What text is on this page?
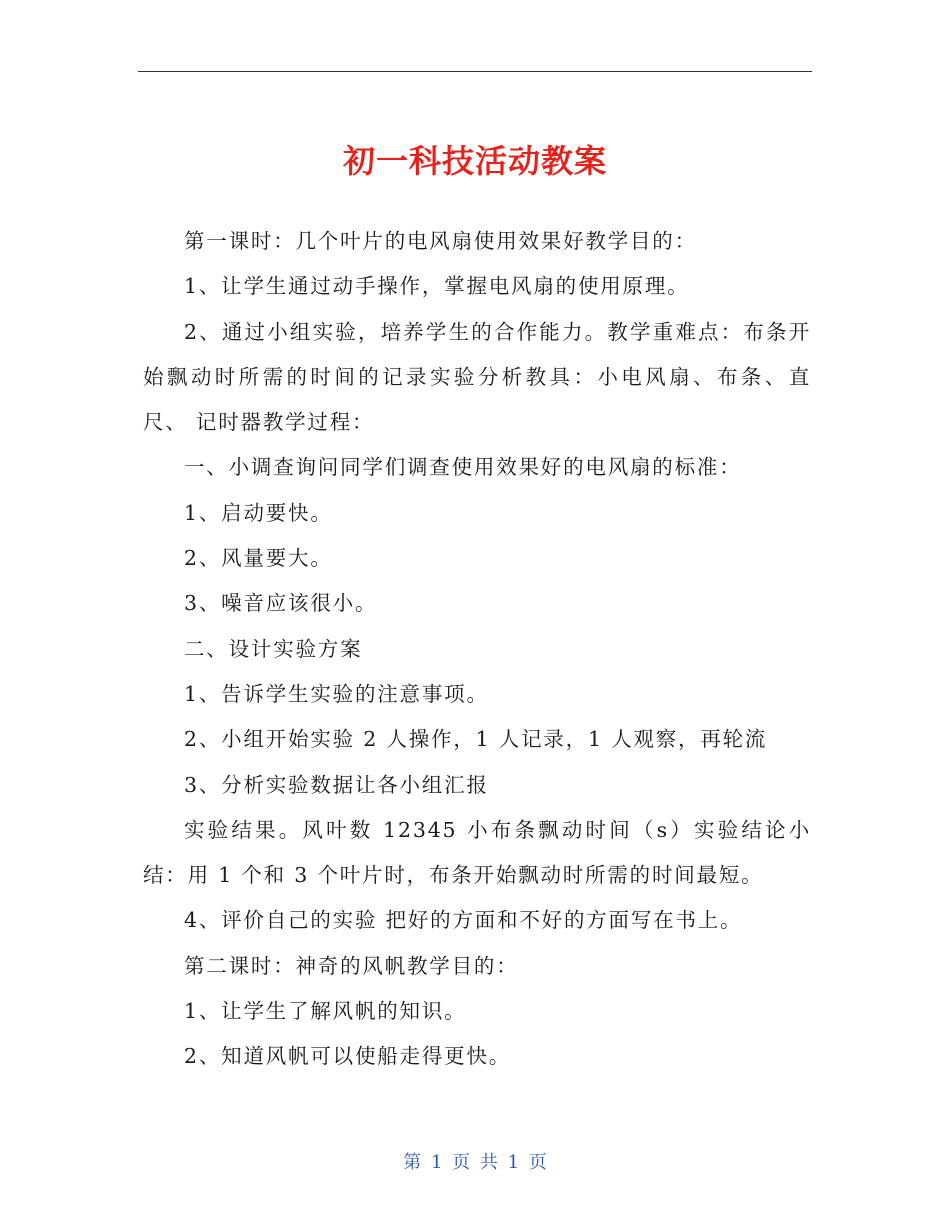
初一科技活动教案

第一课时：几个叶片的电风扇使用效果好教学目的：

1、让学生通过动手操作，掌握电风扇的使用原理。

2、通过小组实验，培养学生的合作能力。教学重难点：布条开始飘动时所需的时间的记录实验分析教具：小电风扇、布条、直尺、 记时器教学过程：

一、小调查询问同学们调查使用效果好的电风扇的标准：

1、启动要快。

2、风量要大。

3、噪音应该很小。

二、设计实验方案

1、告诉学生实验的注意事项。

2、小组开始实验 2 人操作，1 人记录，1 人观察，再轮流

3、分析实验数据让各小组汇报

实验结果。风叶数 12345 小布条飘动时间（s）实验结论小结：用 1 个和 3 个叶片时，布条开始飘动时所需的时间最短。

4、评价自己的实验 把好的方面和不好的方面写在书上。

第二课时：神奇的风帆教学目的：

1、让学生了解风帆的知识。

2、知道风帆可以使船走得更快。

第 1 页 共 1 页
